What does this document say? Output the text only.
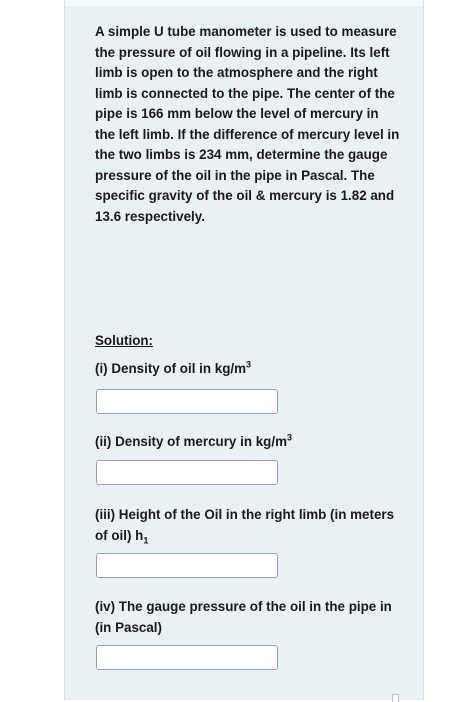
A simple U tube manometer is used to measure the pressure of oil flowing in a pipeline. Its left limb is open to the atmosphere and the right limb is connected to the pipe. The center of the pipe is 166 mm below the level of mercury in the left limb. If the difference of mercury level in the two limbs is 234 mm, determine the gauge pressure of the oil in the pipe in Pascal. The specific gravity of the oil & mercury is 1.82 and 13.6 respectively.

Solution:

(i) Density of oil in $kg/m^3$

(ii) Density of mercury in $kg/m^3$

(iii) Height of the Oil in the right limb (in meters of oil) $h_1$

(iv) The gauge pressure of the oil in the pipe in (in Pascal)
